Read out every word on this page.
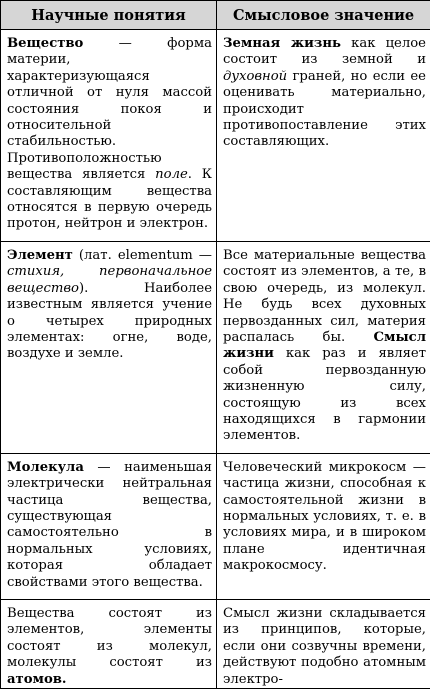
Научные понятия	Смысловое значение
Вещество — форма материи, характеризующаяся отличной от нуля массой состояния покоя и относительной стабильностью. Противоположностью вещества является поле. К составляющим вещества относятся в первую очередь протон, нейтрон и электрон.	Земная жизнь как целое состоит из земной и духовной граней, но если ее оценивать материально, происходит противопоставление этих составляющих.
Элемент (лат. elementum — стихия, первоначальное вещество). Наиболее известным является учение о четырех природных элементах: огне, воде, воздухе и земле.	Все материальные вещества состоят из элементов, а те, в свою очередь, из молекул. Не будь всех духовных первозданных сил, материя распалась бы. Смысл жизни как раз и являет собой первозданную жизненную силу, состоящую из всех находящихся в гармонии элементов.
Молекула — наименьшая электрически нейтральная частица вещества, существующая самостоятельно в нормальных условиях, которая обладает свойствами этого вещества.	Человеческий микрокосм — частица жизни, способная к самостоятельной жизни в нормальных условиях, т. е. в условиях мира, и в широком плане идентичная макрокосмосу.
Вещества состоят из элементов, элементы состоят из молекул, молекулы состоят из атомов.	Смысл жизни складывается из принципов, которые, если они созвучны времени, действуют подобно атомным электро-
